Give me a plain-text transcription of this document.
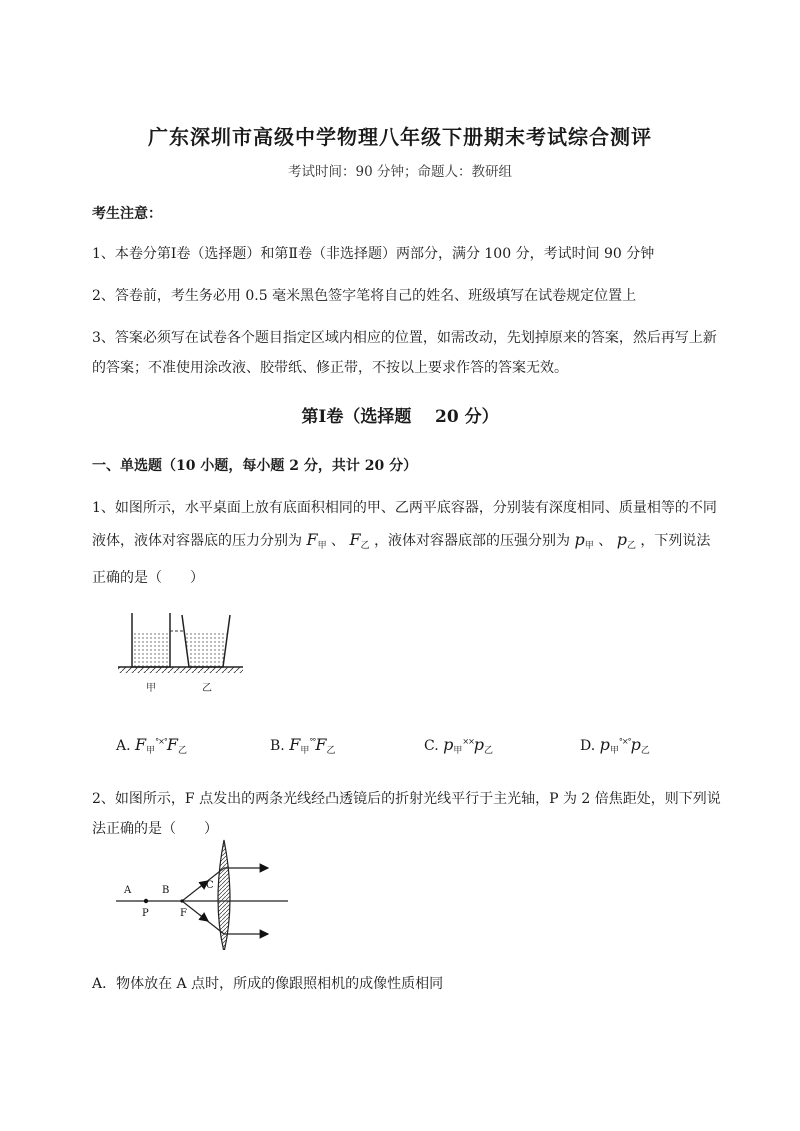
广东深圳市高级中学物理八年级下册期末考试综合测评
考试时间：90 分钟；命题人：教研组
考生注意：
1、本卷分第Ⅰ卷（选择题）和第Ⅱ卷（非选择题）两部分，满分 100 分，考试时间 90 分钟
2、答卷前，考生务必用 0.5 毫米黑色签字笔将自己的姓名、班级填写在试卷规定位置上
3、答案必须写在试卷各个题目指定区域内相应的位置，如需改动，先划掉原来的答案，然后再写上新的答案；不准使用涂改液、胶带纸、修正带，不按以上要求作答的答案无效。
第Ⅰ卷（选择题    20 分）
一、单选题（10 小题，每小题 2 分，共计 20 分）
1、如图所示，水平桌面上放有底面积相同的甲、乙两平底容器，分别装有深度相同、质量相等的不同液体，液体对容器底的压力分别为 $F_甲$ 、 $F_乙$ ，液体对容器底部的压强分别为 $p_甲$ 、 $p_乙$ ，下列说法正确的是（　　）
甲	乙
A. $F_甲^{^\circ\times^\circ}F_乙$	B. $F_甲^{^\circ^\circ}F_乙$	C. $p_甲^{\times\times}p_乙$	D. $p_甲^{^\circ\times^\circ}p_乙$
2、如图所示，F 点发出的两条光线经凸透镜后的折射光线平行于主光轴，P 为 2 倍焦距处，则下列说法正确的是（　　）
A	B
P	F
C
A．物体放在 A 点时，所成的像跟照相机的成像性质相同
